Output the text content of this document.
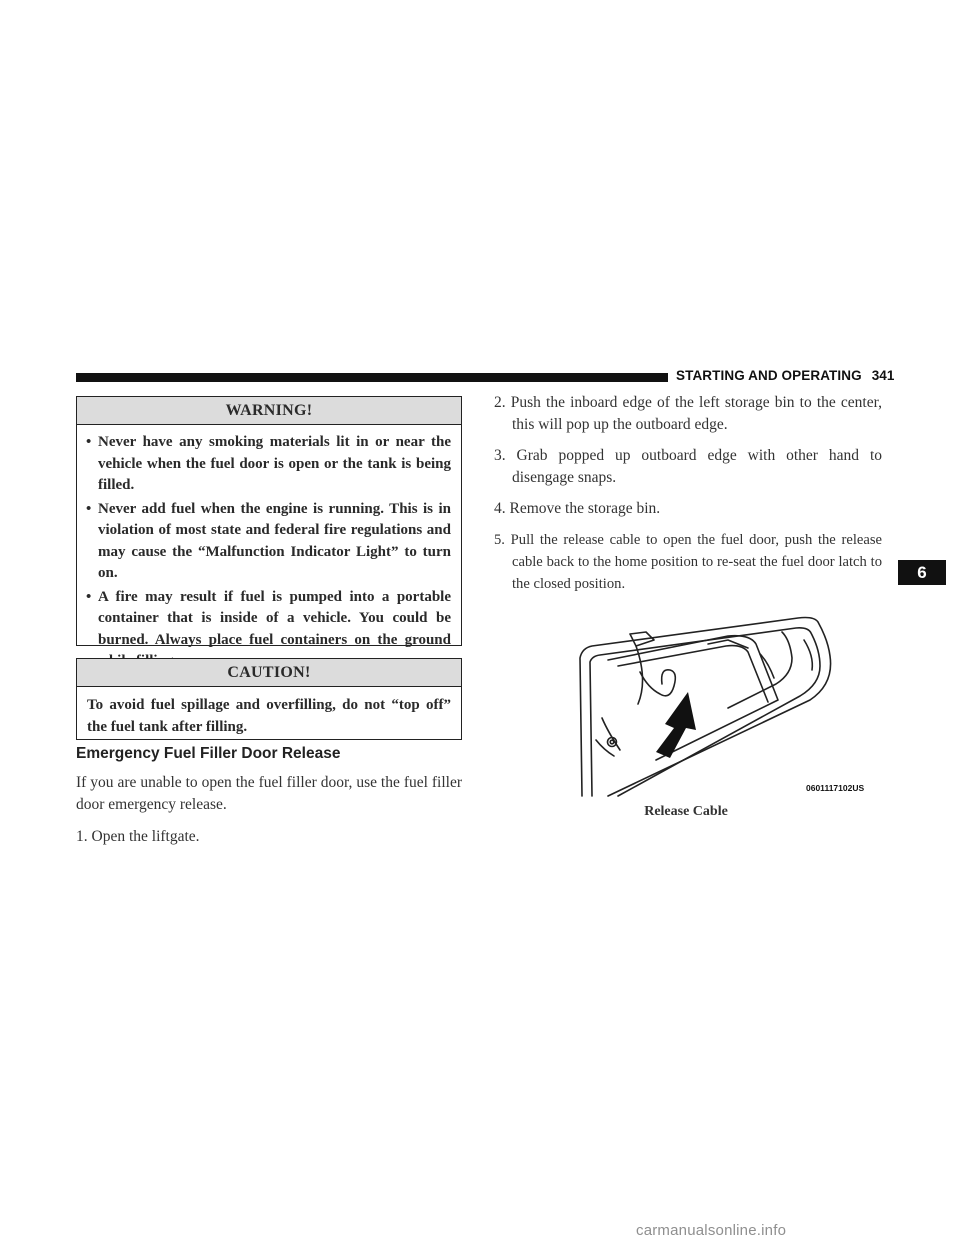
STARTING AND OPERATING 341
6
WARNING!
• Never have any smoking materials lit in or near the vehicle when the fuel door is open or the tank is being filled.
• Never add fuel when the engine is running. This is in violation of most state and federal fire regulations and may cause the “Malfunction Indicator Light” to turn on.
• A fire may result if fuel is pumped into a portable container that is inside of a vehicle. You could be burned. Always place fuel containers on the ground
CAUTION!
To avoid fuel spillage and overfilling, do not “top off” the fuel tank after filling.
Emergency Fuel Filler Door Release
If you are unable to open the fuel filler door, use the fuel filler door emergency release.
1. Open the liftgate.
2. Push the inboard edge of the left storage bin to the center, this will pop up the outboard edge.
3. Grab popped up outboard edge with other hand to disengage snaps.
4. Remove the storage bin.
5. Pull the release cable to open the fuel door, push the release cable back to the home position to re-seat the fuel door latch to the closed position.
0601117102US
Release Cable
carmanualsonline.info
